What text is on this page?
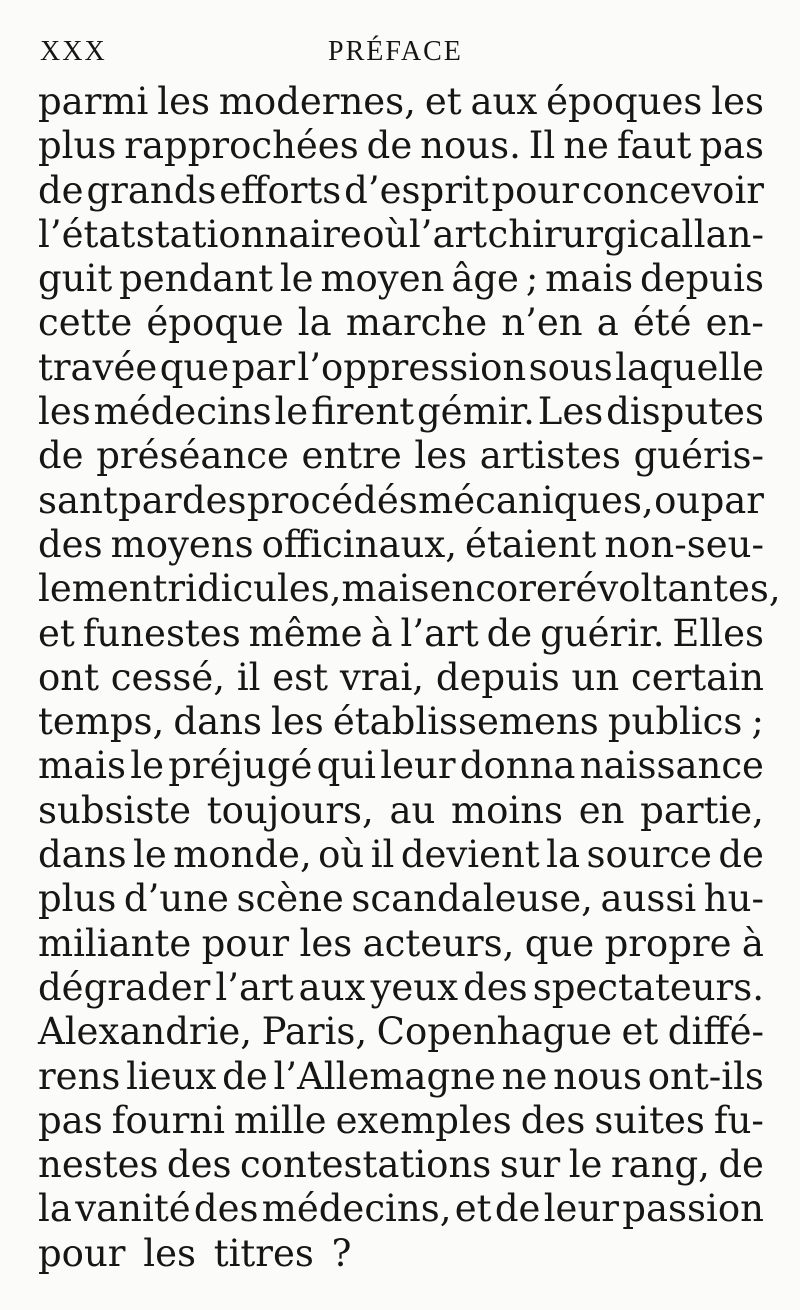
XXX	PRÉFACE
parmi les modernes, et aux époques les
plus rapprochées de nous. Il ne faut pas
de grands efforts d’esprit pour concevoir
l’état stationnaire où l’art chirurgical lan-
guit pendant le moyen âge ; mais depuis
cette époque la marche n’en a été en-
travée que par l’oppression sous laquelle
les médecins le firent gémir. Les disputes
de préséance entre les artistes guéris-
sant par des procédés mécaniques, ou par
des moyens officinaux, étaient non-seu-
lement ridicules, mais encore révoltantes,
et funestes même à l’art de guérir. Elles
ont cessé, il est vrai, depuis un certain
temps, dans les établissemens publics ;
mais le préjugé qui leur donna naissance
subsiste toujours, au moins en partie,
dans le monde, où il devient la source de
plus d’une scène scandaleuse, aussi hu-
miliante pour les acteurs, que propre à
dégrader l’art aux yeux des spectateurs.
Alexandrie, Paris, Copenhague et diffé-
rens lieux de l’Allemagne ne nous ont-ils
pas fourni mille exemples des suites fu-
nestes des contestations sur le rang, de
la vanité des médecins, et de leur passion
pour les titres ?
